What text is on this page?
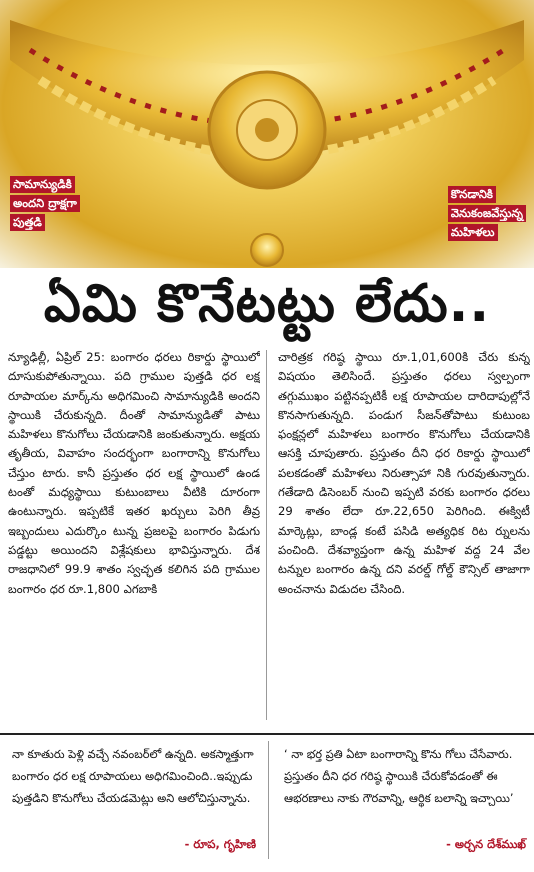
సామాన్యుడికి
అందని ద్రాక్షగా
పుత్తడి
కొనడానికి
వెనుకంజవేస్తున్న
మహిళలు
ఏమి కొనేటట్టు లేదు..
న్యూఢిల్లీ, ఏప్రిల్ 25: బంగారం ధరలు రికార్డు స్థాయిలో దూసుకుపోతున్నాయి. పది గ్రాముల పుత్తడి ధర లక్ష రూపాయల మార్క్‌ను అధిగమించి సామాన్యుడికి అందని స్థాయికి చేరుకున్నది. దీంతో సామాన్యుడితో పాటు మహిళలు కొనుగోలు చేయడానికి జంకుతున్నారు. అక్షయ తృతీయ, వివాహం సందర్భంగా బంగారాన్ని కొనుగోలు చేస్తుం టారు. కానీ ప్రస్తుతం ధర లక్ష స్థాయిలో ఉండ టంతో మధ్యస్థాయి కుటుంబాలు వీటికి దూరంగా ఉంటున్నారు. ఇప్పటికే ఇతర ఖర్చులు పెరిగి తీవ్ర ఇబ్బందులు ఎదుర్కొం టున్న ప్రజలపై బంగారం పిడుగు పడ్డట్టు అయిందని విశ్లేషకులు భావిస్తున్నారు. దేశ రాజధానిలో 99.9 శాతం స్వచ్ఛత కలిగిన పది గ్రాముల బంగారం ధర రూ.1,800 ఎగబాకి
చారిత్రక గరిష్ఠ స్థాయి రూ.1,01,600కి చేరు కున్న విషయం తెలిసిందే. ప్రస్తుతం ధరలు స్వల్పంగా తగ్గుముఖం పట్టినప్పటికీ లక్ష రూపాయల దారిదాపుల్లోనే కొనసాగుతున్నది. పండుగ సీజన్‌తోపాటు కుటుంబ ఫంక్షన్లలో మహిళలు బంగారం కొనుగోలు చేయడానికి ఆసక్తి చూపుతారు. ప్రస్తుతం దీని ధర రికార్డు స్థాయిలో పలకడంతో మహిళలు నిరుత్సాహా నికి గురవుతున్నారు. గతేడాది డిసెంబర్ నుంచి ఇప్పటి వరకు బంగారం ధరలు 29 శాతం లేదా రూ.22,650 పెరిగింది. ఈక్విటీ మార్కెట్లు, బాండ్ల కంటే పసిడి అత్యధిక రిట ర్నులను పంచింది. దేశవ్యాప్తంగా ఉన్న మహిళ వద్ద 24 వేల టన్నుల బంగారం ఉన్న దని వరల్డ్ గోల్డ్ కౌన్సిల్ తాజాగా అంచనాను విడుదల చేసింది.
నా కూతురు పెళ్లి వచ్చే నవంబర్‌లో ఉన్నది. అకస్మాత్తుగా బంగారం ధర లక్ష రూపాయలు అధిగమించింది..ఇప్పుడు పుత్తడిని కొనుగోలు చేయడమెట్లు అని ఆలోచిస్తున్నాను.
‘ నా భర్త ప్రతి ఏటా బంగారాన్ని కొను గోలు చేసేవారు. ప్రస్తుతం దీని ధర గరిష్ఠ స్థాయికి చేరుకోవడంతో ఈ ఆభరణాలు నాకు గౌరవాన్ని, ఆర్థిక బలాన్ని ఇచ్చాయి’
- రూప, గృహిణి	- అర్చన దేశ్‌ముఖ్
